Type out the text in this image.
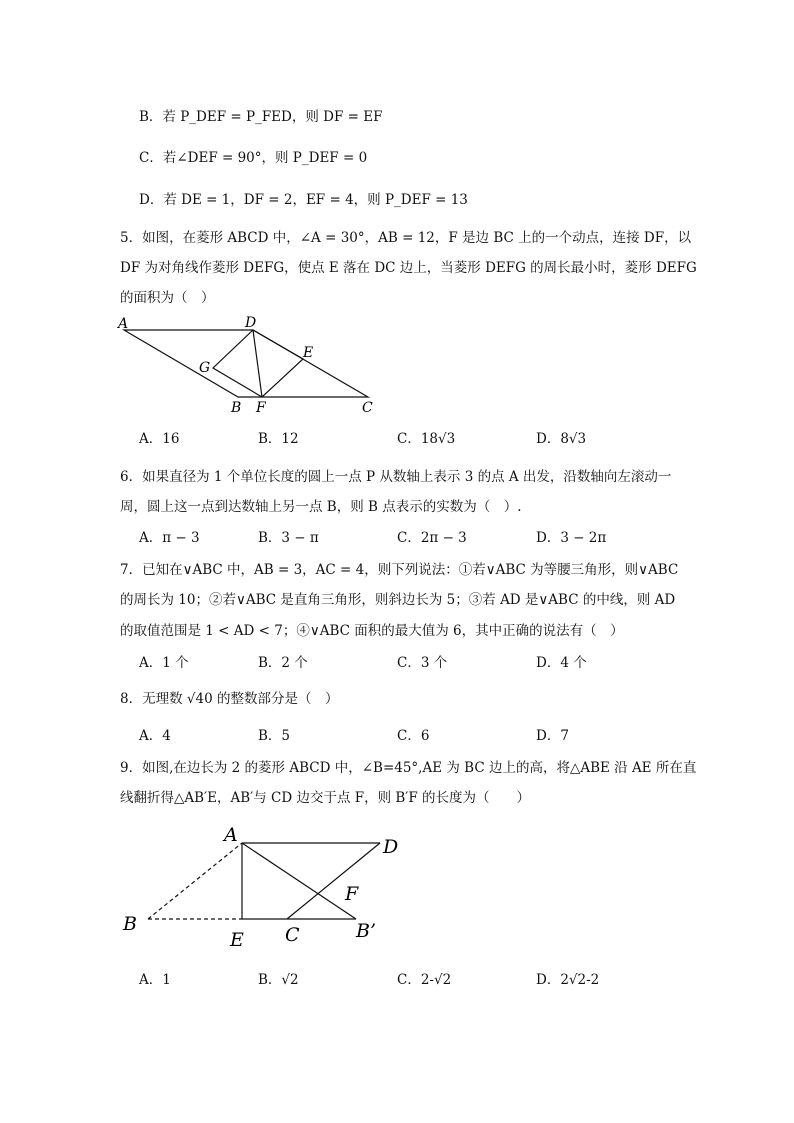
B．若 P_DEF = P_FED，则 DF = EF
C．若∠DEF = 90°，则 P_DEF = 0
D．若 DE = 1，DF = 2，EF = 4，则 P_DEF = 13
5．如图，在菱形 ABCD 中，∠A = 30°，AB = 12，F 是边 BC 上的一个动点，连接 DF，以
DF 为对角线作菱形 DEFG，使点 E 落在 DC 边上，当菱形 DEFG 的周长最小时，菱形 DEFG
的面积为（　）
A	D
G
E
B F	C
A．16	B．12	C．18√3	D．8√3
6．如果直径为 1 个单位长度的圆上一点 P 从数轴上表示 3 的点 A 出发，沿数轴向左滚动一
周，圆上这一点到达数轴上另一点 B，则 B 点表示的实数为（　）.
A．π − 3	B．3 − π	C．2π − 3	D．3 − 2π
7．已知在∨ABC 中，AB = 3，AC = 4，则下列说法：①若∨ABC 为等腰三角形，则∨ABC
的周长为 10；②若∨ABC 是直角三角形，则斜边长为 5；③若 AD 是∨ABC 的中线，则 AD
的取值范围是 1 < AD < 7；④∨ABC 面积的最大值为 6，其中正确的说法有（　）
A．1 个	B．2 个	C．3 个	D．4 个
8．无理数 √40 的整数部分是（　）
A．4	B．5	C．6	D．7
9．如图,在边长为 2 的菱形 ABCD 中，∠B=45°,AE 为 BC 边上的高，将△ABE 沿 AE 所在直
线翻折得△AB′E，AB′与 CD 边交于点 F，则 B′F 的长度为（　　）
A
D
F
B
E C	B’
A．1	B．√2	C．2-√2	D．2√2-2
